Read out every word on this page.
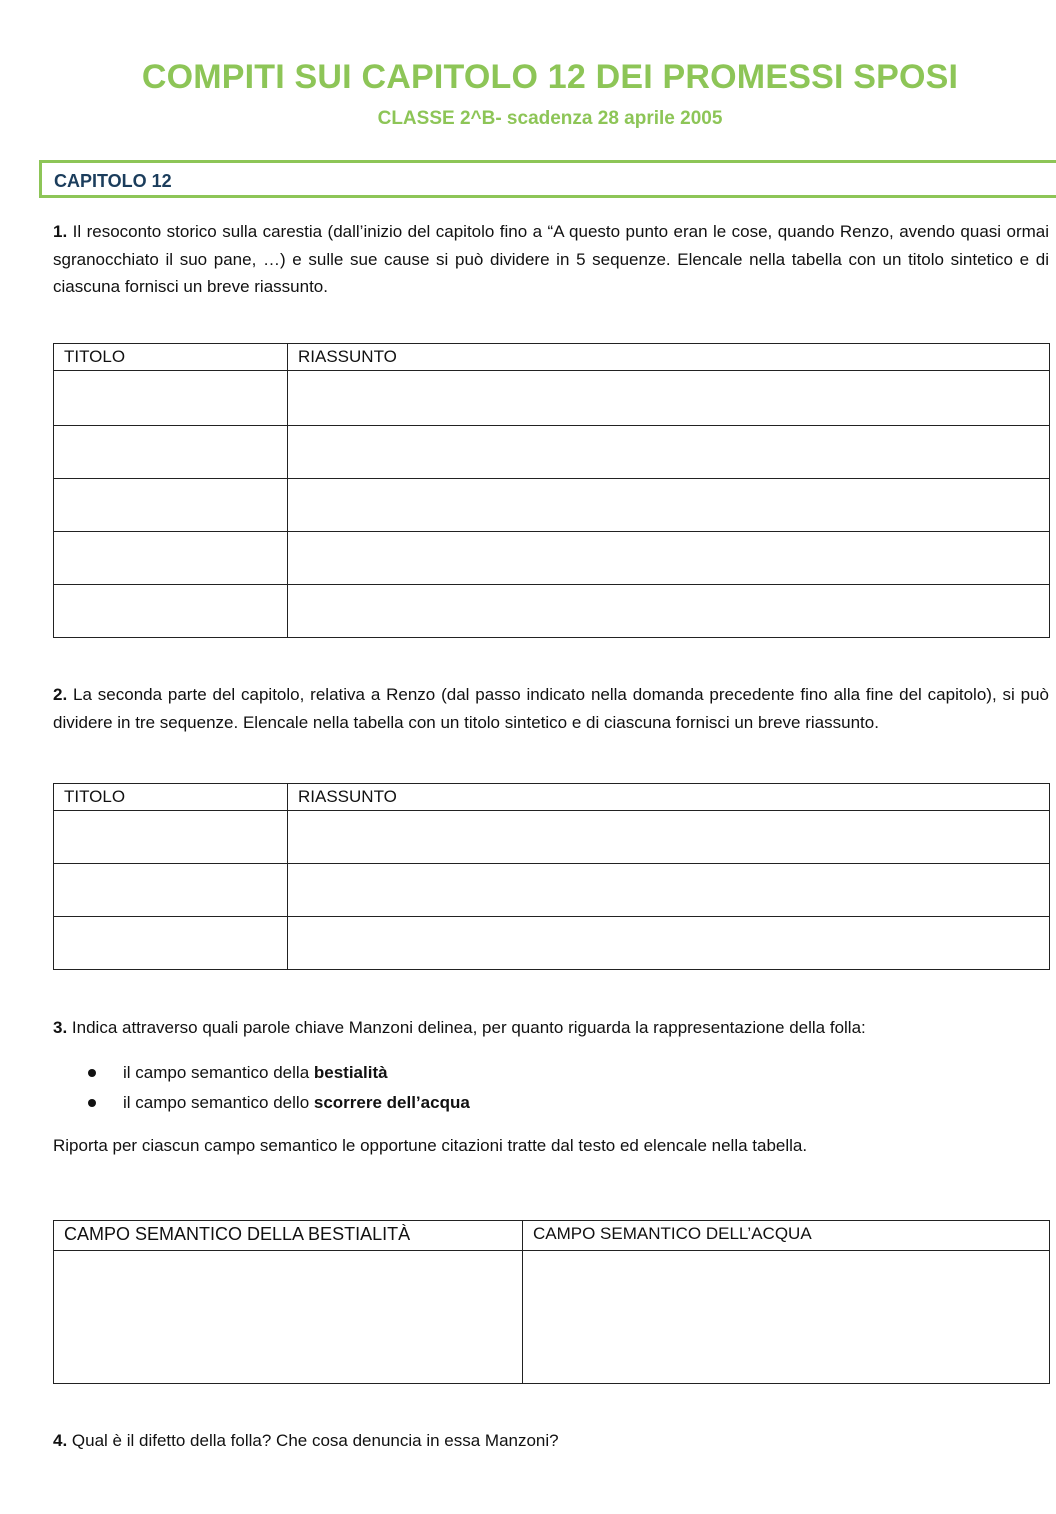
COMPITI SUI CAPITOLO 12 DEI PROMESSI SPOSI
CLASSE 2^B- scadenza 28 aprile 2005
CAPITOLO 12
1. Il resoconto storico sulla carestia (dall’inizio del capitolo fino a “A questo punto eran le cose, quando Renzo, avendo quasi ormai sgranocchiato il suo pane, …) e sulle sue cause si può dividere in 5 sequenze. Elencale nella tabella con un titolo sintetico e di ciascuna fornisci un breve riassunto.
TITOLO	RIASSUNTO

2. La seconda parte del capitolo, relativa a Renzo (dal passo indicato nella domanda precedente fino alla fine del capitolo), si può dividere in tre sequenze. Elencale nella tabella con un titolo sintetico e di ciascuna fornisci un breve riassunto.
TITOLO	RIASSUNTO

3. Indica attraverso quali parole chiave Manzoni delinea, per quanto riguarda la rappresentazione della folla:
il campo semantico della bestialità
il campo semantico dello scorrere dell’acqua
Riporta per ciascun campo semantico le opportune citazioni tratte dal testo ed elencale nella tabella.
CAMPO SEMANTICO DELLA BESTIALITÀ	CAMPO SEMANTICO DELL’ACQUA

4. Qual è il difetto della folla? Che cosa denuncia in essa Manzoni?
